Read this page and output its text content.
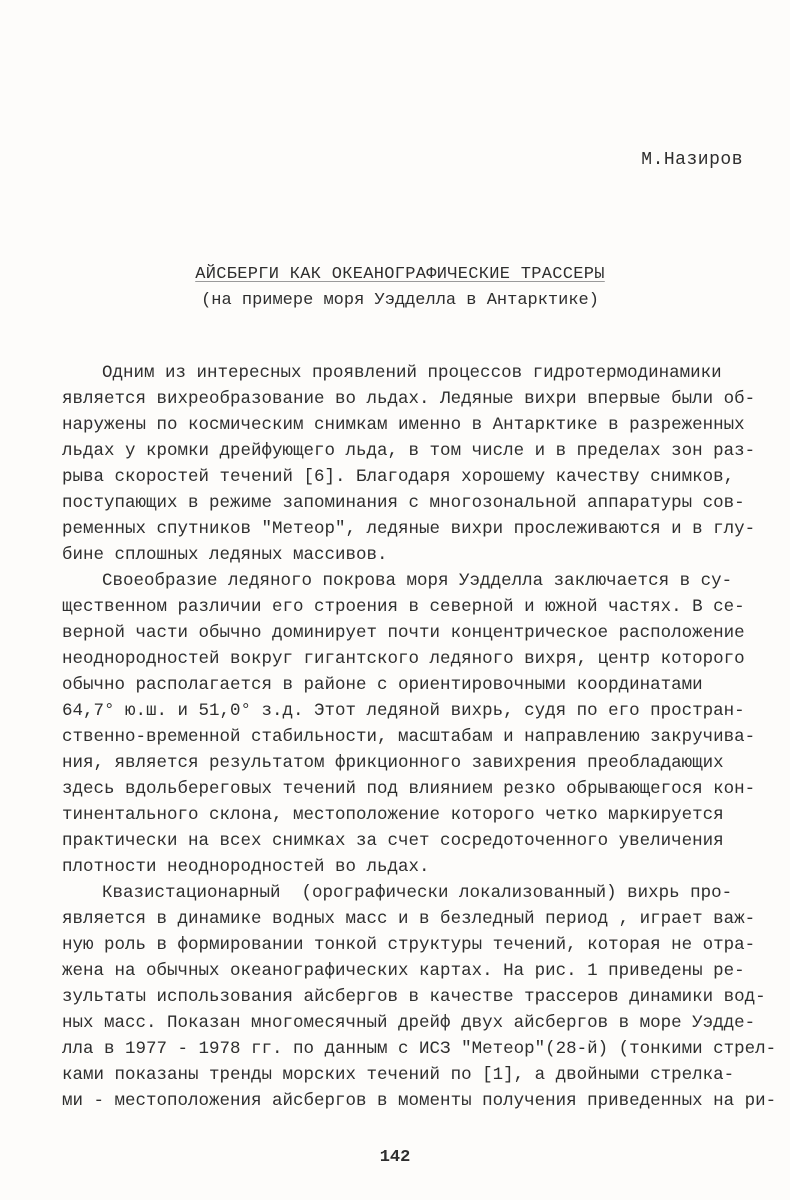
М.Назиров
АЙСБЕРГИ КАК ОКЕАНОГРАФИЧЕСКИЕ ТРАССЕРЫ
(на примере моря Уэдделла в Антарктике)
Одним из интересных проявлений процессов гидротермодинамики
является вихреобразование во льдах. Ледяные вихри впервые были об-
наружены по космическим снимкам именно в Антарктике в разреженных
льдах у кромки дрейфующего льда, в том числе и в пределах зон раз-
рыва скоростей течений [6]. Благодаря хорошему качеству снимков,
поступающих в режиме запоминания с многозональной аппаратуры сов-
ременных спутников "Метеор", ледяные вихри прослеживаются и в глу-
бине сплошных ледяных массивов.
Своеобразие ледяного покрова моря Уэдделла заключается в су-
щественном различии его строения в северной и южной частях. В се-
верной части обычно доминирует почти концентрическое расположение
неоднородностей вокруг гигантского ледяного вихря, центр которого
обычно располагается в районе с ориентировочными координатами
64,7° ю.ш. и 51,0° з.д. Этот ледяной вихрь, судя по его простран-
ственно-временной стабильности, масштабам и направлению закручива-
ния, является результатом фрикционного завихрения преобладающих
здесь вдольбереговых течений под влиянием резко обрывающегося кон-
тинентального склона, местоположение которого четко маркируется
практически на всех снимках за счет сосредоточенного увеличения
плотности неоднородностей во льдах.
Квазистационарный  (орографически локализованный) вихрь про-
является в динамике водных масс и в безледный период , играет важ-
ную роль в формировании тонкой структуры течений, которая не отра-
жена на обычных океанографических картах. На рис. 1 приведены ре-
зультаты использования айсбергов в качестве трассеров динамики вод-
ных масс. Показан многомесячный дрейф двух айсбергов в море Уэдде-
лла в 1977 - 1978 гг. по данным с ИСЗ "Метеор"(28-й) (тонкими стрел-
ками показаны тренды морских течений по [1], а двойными стрелка-
ми - местоположения айсбергов в моменты получения приведенных на ри-
142
